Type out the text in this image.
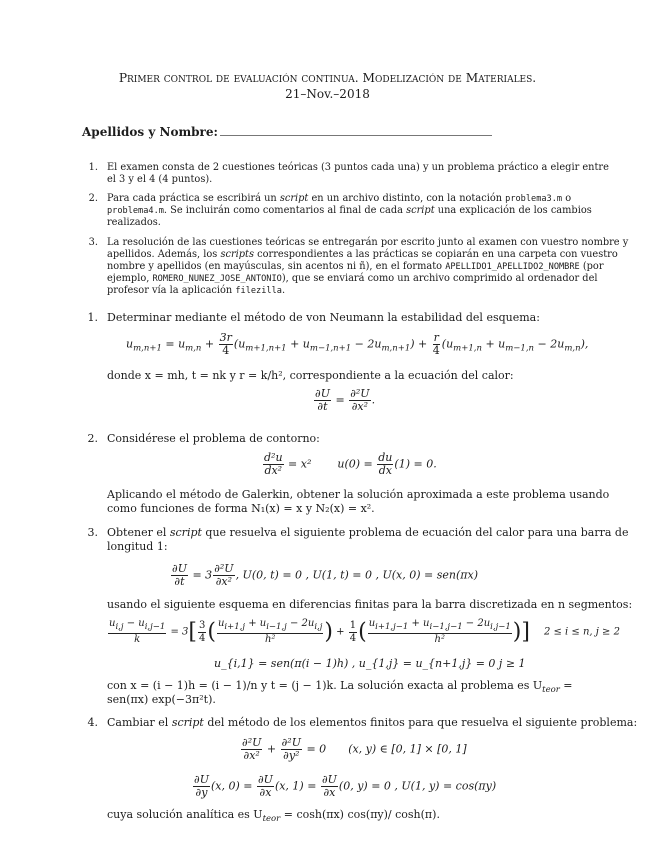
Primer control de evaluación continua. Modelización de Materiales.
21–Nov.–2018
Apellidos y Nombre:
1. El examen consta de 2 cuestiones teóricas (3 puntos cada una) y un problema práctico a elegir entre
el 3 y el 4 (4 puntos).
2. Para cada práctica se escribirá un script en un archivo distinto, con la notación problema3.m o
problema4.m. Se incluirán como comentarios al final de cada script una explicación de los cambios
realizados.
3. La resolución de las cuestiones teóricas se entregarán por escrito junto al examen con vuestro nombre y
apellidos. Además, los scripts correspondientes a las prácticas se copiarán en una carpeta con vuestro
nombre y apellidos (en mayúsculas, sin acentos ni ñ), en el formato APELLIDO1_APELLIDO2_NOMBRE (por
ejemplo, ROMERO_NUNEZ_JOSE_ANTONIO), que se enviará como un archivo comprimido al ordenador del
profesor vía la aplicación filezilla.
1. Determinar mediante el método de von Neumann la estabilidad del esquema:
$u_{m,n+1} = u_{m,n} + \frac{3r}{4} (u_{m+1,n+1} + u_{m-1,n+1} - 2u_{m,n+1}) + \frac{r}{4} (u_{m+1,n} + u_{m-1,n} - 2u_{m,n})$,
donde x = mh, t = nk y r = k/h², correspondiente a la ecuación del calor:
$\frac{\partial U}{\partial t} = \frac{\text{∂²U}}{\text{∂x²}}$ .
2. Considérese el problema de contorno:
$\frac{\text{d²u}}{\text{dx²}} = x^2$ $u(0) = \frac{du}{dx} (1) = 0$.
Aplicando el método de Galerkin, obtener la solución aproximada a este problema usando
como funciones de forma N₁(x) = x y N₂(x) = x².
3. Obtener el script que resuelva el siguiente problema de ecuación del calor para una barra de
longitud 1:
$\frac{\partial U}{\partial t} = 3 \frac{\text{∂²U}}{\text{∂x²}}$ , U(0, t) = 0 , U(1, t) = 0 , U(x, 0) = sen(πx)
usando el siguiente esquema en diferencias finitas para la barra discretizada en n segmentos:
$\frac{u_{i,j} - u_{i,j-1}}{k} = 3[ \frac{3}{4}$ ( $\frac{u_{i+1,j} + u_{i-1,j} - 2u_{i,j}}{\text{h²}}$ ) + $\frac{1}{4}$ ( $\frac{u_{i+1,j-1} + u_{i-1,j-1} - 2u_{i,j-1}}{\text{h²}}$ )] 2 ≤ i ≤ n, j ≥ 2
u_{i,1} = sen(π(i − 1)h) , u_{1,j} = u_{n+1,j} = 0 j ≥ 1
con x = (i − 1)h = (i − 1)/n y t = (j − 1)k. La solución exacta al problema es $U_{teor}$ =
sen(πx) exp(−3π²t).
4. Cambiar el script del método de los elementos finitos para que resuelva el siguiente problema:
$\frac{\text{∂²U}}{\text{∂x²}} + \frac{\text{∂²U}}{\text{∂y²}} = 0$ (x, y) ∈ [0, 1] × [0, 1]
$\frac{\partial U}{\partial y} (x$, $0) = \frac{\partial U}{\partial x} (x$, $1) = \frac{\partial U}{\partial x} (0$, y) = 0 , U(1, y) = cos(πy)
cuya solución analítica es $U_{teor} = \cosh(\pi x)$ cos(πy)/ cosh(π).
